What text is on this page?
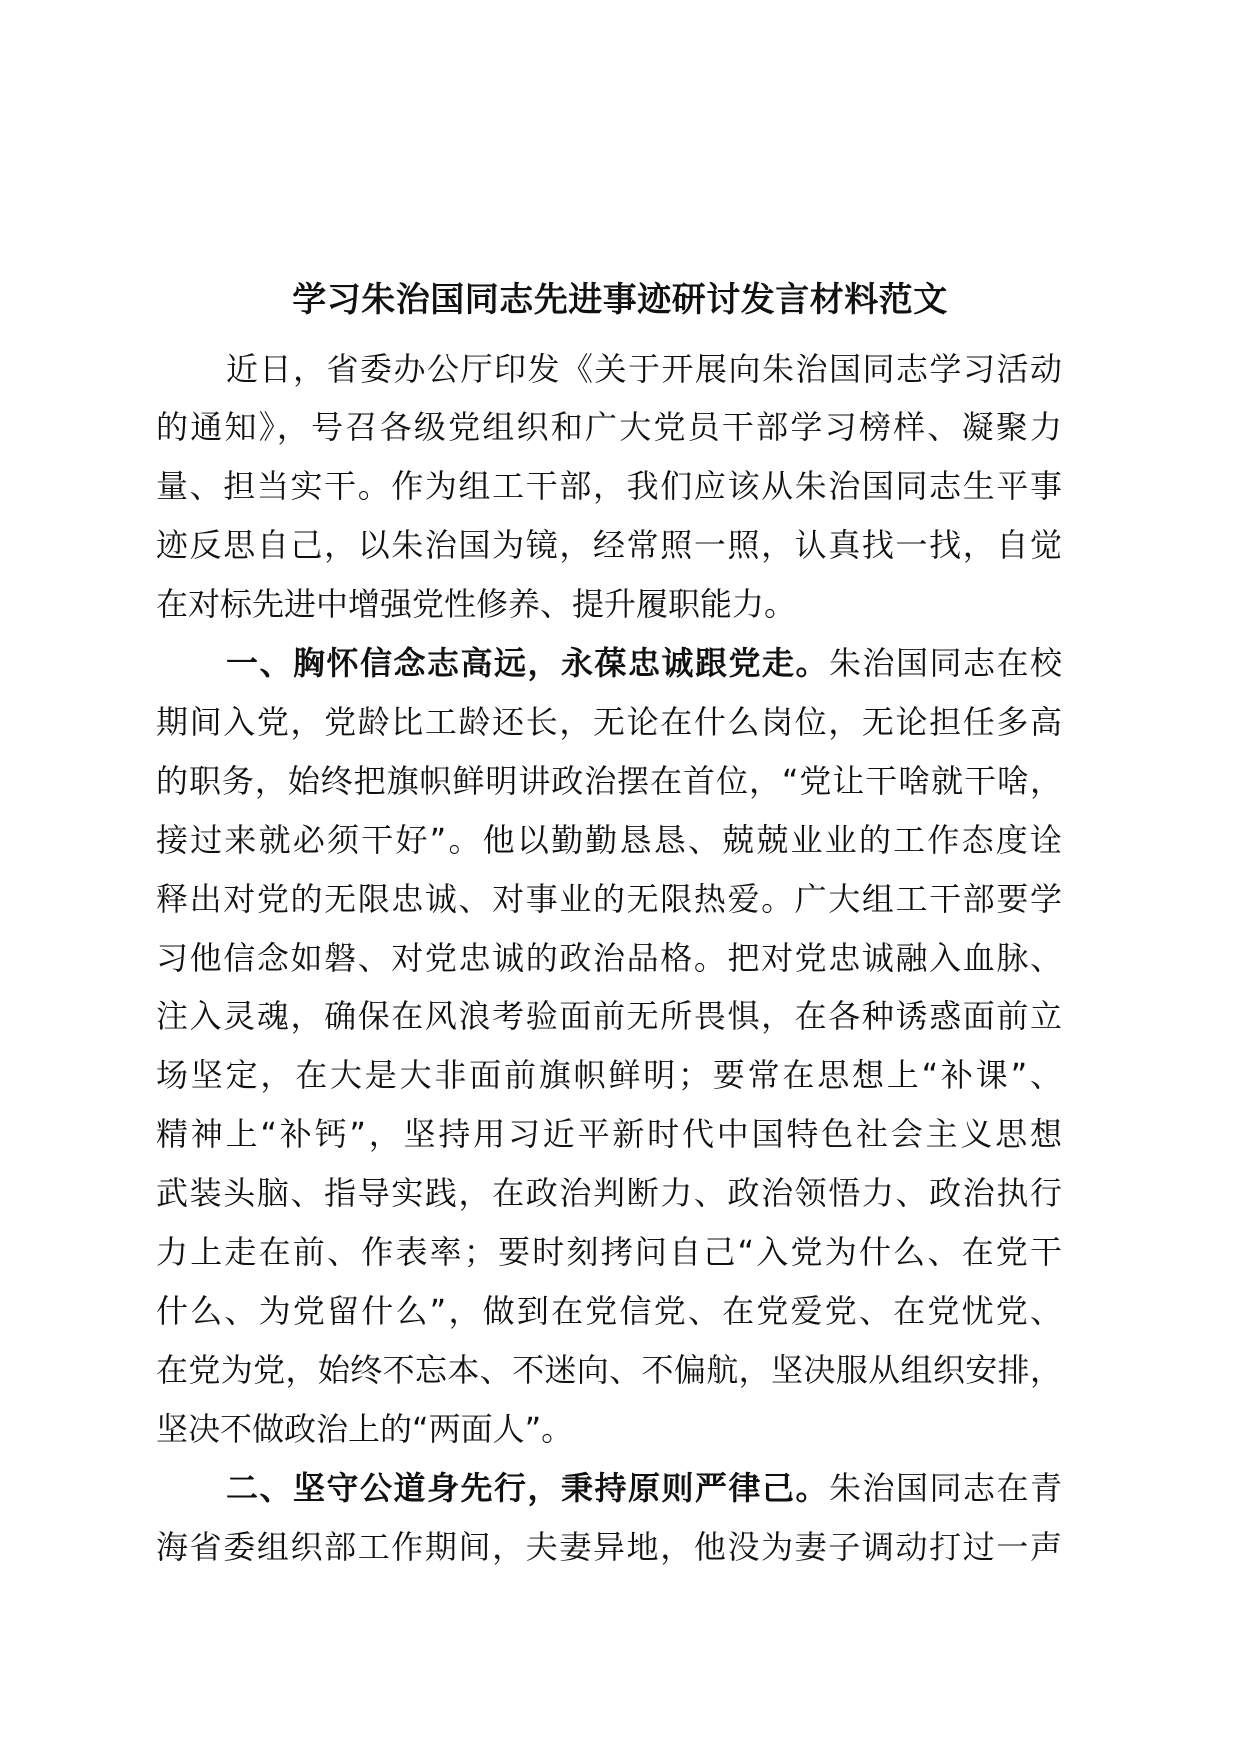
学习朱治国同志先进事迹研讨发言材料范文
近日，省委办公厅印发《关于开展向朱治国同志学习活动
的通知》，号召各级党组织和广大党员干部学习榜样、凝聚力
量、担当实干。作为组工干部，我们应该从朱治国同志生平事
迹反思自己，以朱治国为镜，经常照一照，认真找一找，自觉
在对标先进中增强党性修养、提升履职能力。
一、胸怀信念志高远，永葆忠诚跟党走。朱治国同志在校
期间入党，党龄比工龄还长，无论在什么岗位，无论担任多高
的职务，始终把旗帜鲜明讲政治摆在首位，“党让干啥就干啥，
接过来就必须干好”。他以勤勤恳恳、兢兢业业的工作态度诠
释出对党的无限忠诚、对事业的无限热爱。广大组工干部要学
习他信念如磐、对党忠诚的政治品格。把对党忠诚融入血脉、
注入灵魂，确保在风浪考验面前无所畏惧，在各种诱惑面前立
场坚定，在大是大非面前旗帜鲜明；要常在思想上“补课”、
精神上“补钙”，坚持用习近平新时代中国特色社会主义思想
武装头脑、指导实践，在政治判断力、政治领悟力、政治执行
力上走在前、作表率；要时刻拷问自己“入党为什么、在党干
什么、为党留什么”，做到在党信党、在党爱党、在党忧党、
在党为党，始终不忘本、不迷向、不偏航，坚决服从组织安排，
坚决不做政治上的“两面人”。
二、坚守公道身先行，秉持原则严律己。朱治国同志在青
海省委组织部工作期间，夫妻异地，他没为妻子调动打过一声
